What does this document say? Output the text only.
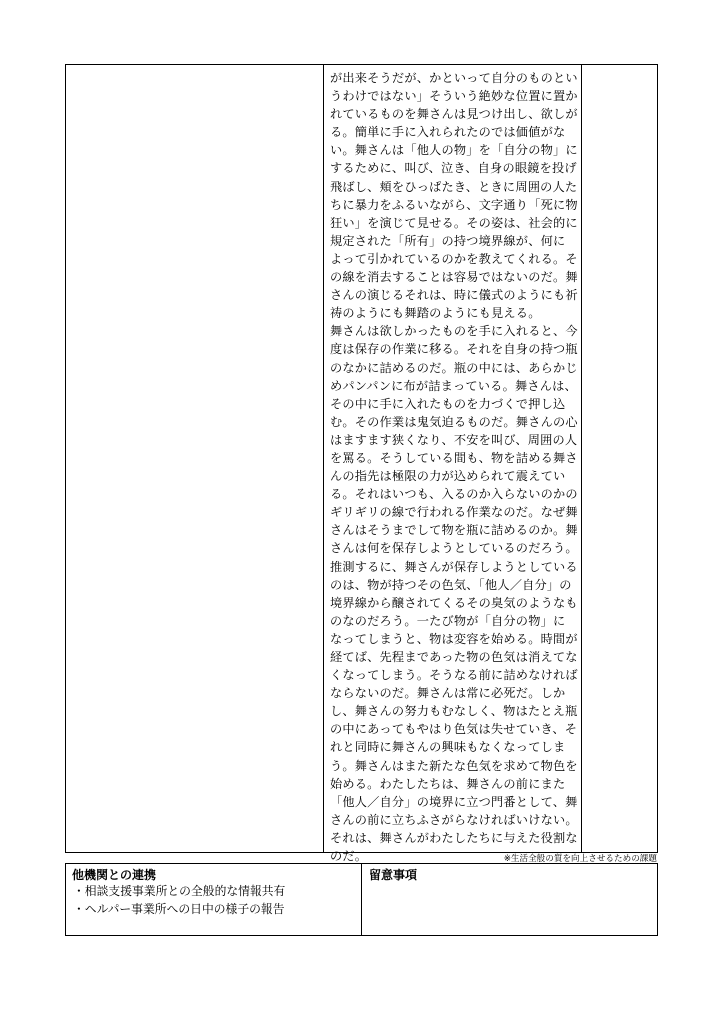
が出来そうだが、かといって自分のものとい
うわけではない」そういう絶妙な位置に置か
れているものを舞さんは見つけ出し、欲しが
る。簡単に手に入れられたのでは価値がな
い。舞さんは「他人の物」を「自分の物」に
するために、叫び、泣き、自身の眼鏡を投げ
飛ばし、頬をひっぱたき、ときに周囲の人た
ちに暴力をふるいながら、文字通り「死に物
狂い」を演じて見せる。その姿は、社会的に
規定された「所有」の持つ境界線が、何に
よって引かれているのかを教えてくれる。そ
の線を消去することは容易ではないのだ。舞
さんの演じるそれは、時に儀式のようにも祈
祷のようにも舞踏のようにも見える。
舞さんは欲しかったものを手に入れると、今
度は保存の作業に移る。それを自身の持つ瓶
のなかに詰めるのだ。瓶の中には、あらかじ
めパンパンに布が詰まっている。舞さんは、
その中に手に入れたものを力づくで押し込
む。その作業は鬼気迫るものだ。舞さんの心
はますます狭くなり、不安を叫び、周囲の人
を罵る。そうしている間も、物を詰める舞さ
んの指先は極限の力が込められて震えてい
る。それはいつも、入るのか入らないのかの
ギリギリの線で行われる作業なのだ。なぜ舞
さんはそうまでして物を瓶に詰めるのか。舞
さんは何を保存しようとしているのだろう。
推測するに、舞さんが保存しようとしている
のは、物が持つその色気、「他人／自分」の
境界線から醸されてくるその臭気のようなも
のなのだろう。一たび物が「自分の物」に
なってしまうと、物は変容を始める。時間が
経てば、先程まであった物の色気は消えてな
くなってしまう。そうなる前に詰めなければ
ならないのだ。舞さんは常に必死だ。しか
し、舞さんの努力もむなしく、物はたとえ瓶
の中にあってもやはり色気は失せていき、そ
れと同時に舞さんの興味もなくなってしま
う。舞さんはまた新たな色気を求めて物色を
始める。わたしたちは、舞さんの前にまた
「他人／自分」の境界に立つ門番として、舞
さんの前に立ちふさがらなければいけない。
それは、舞さんがわたしたちに与えた役割な
のだ。	※生活全般の質を向上させるための課題
他機関との連携
・相談支援事業所との全般的な情報共有
・ヘルパー事業所への日中の様子の報告
留意事項
